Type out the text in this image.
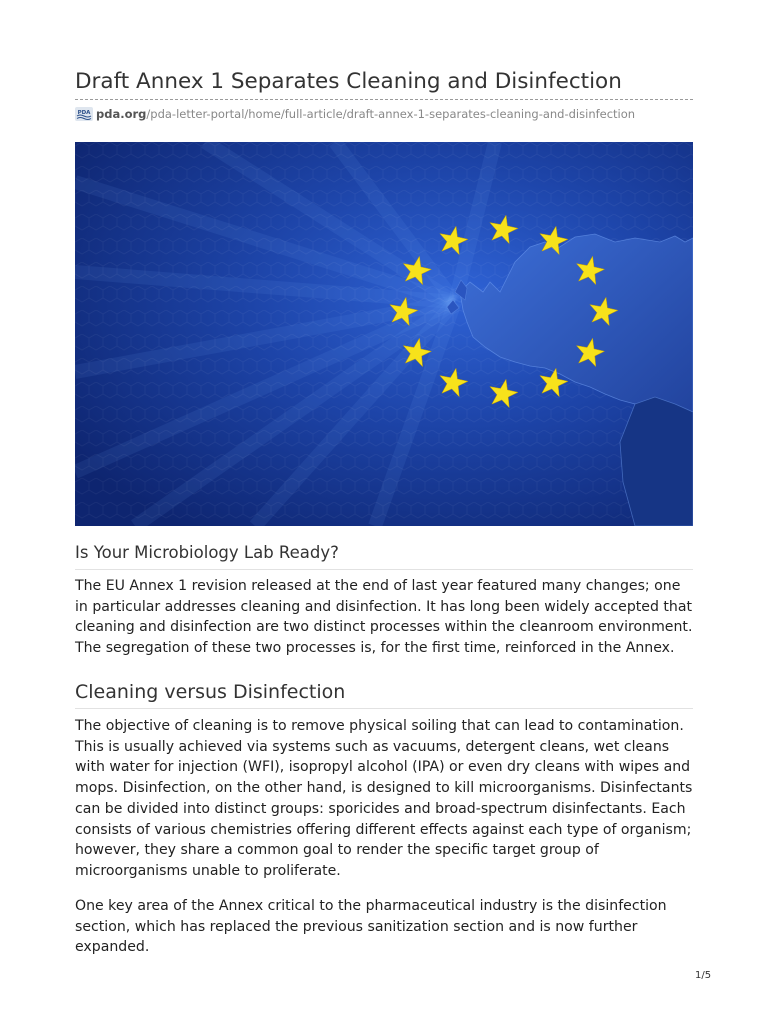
Draft Annex 1 Separates Cleaning and Disinfection
PDA pda.org /pda-letter-portal/home/full-article/draft-annex-1-separates-cleaning-and-disinfection
Is Your Microbiology Lab Ready?

The EU Annex 1 revision released at the end of last year featured many changes; one in particular addresses cleaning and disinfection. It has long been widely accepted that cleaning and disinfection are two distinct processes within the cleanroom environment. The segregation of these two processes is, for the first time, reinforced in the Annex.

Cleaning versus Disinfection

The objective of cleaning is to remove physical soiling that can lead to contamination. This is usually achieved via systems such as vacuums, detergent cleans, wet cleans with water for injection (WFI), isopropyl alcohol (IPA) or even dry cleans with wipes and mops. Disinfection, on the other hand, is designed to kill microorganisms. Disinfectants can be divided into distinct groups: sporicides and broad-spectrum disinfectants. Each consists of various chemistries offering different effects against each type of organism; however, they share a common goal to render the specific target group of microorganisms unable to proliferate.

One key area of the Annex critical to the pharmaceutical industry is the disinfection section, which has replaced the previous sanitization section and is now further expanded.

1/5
